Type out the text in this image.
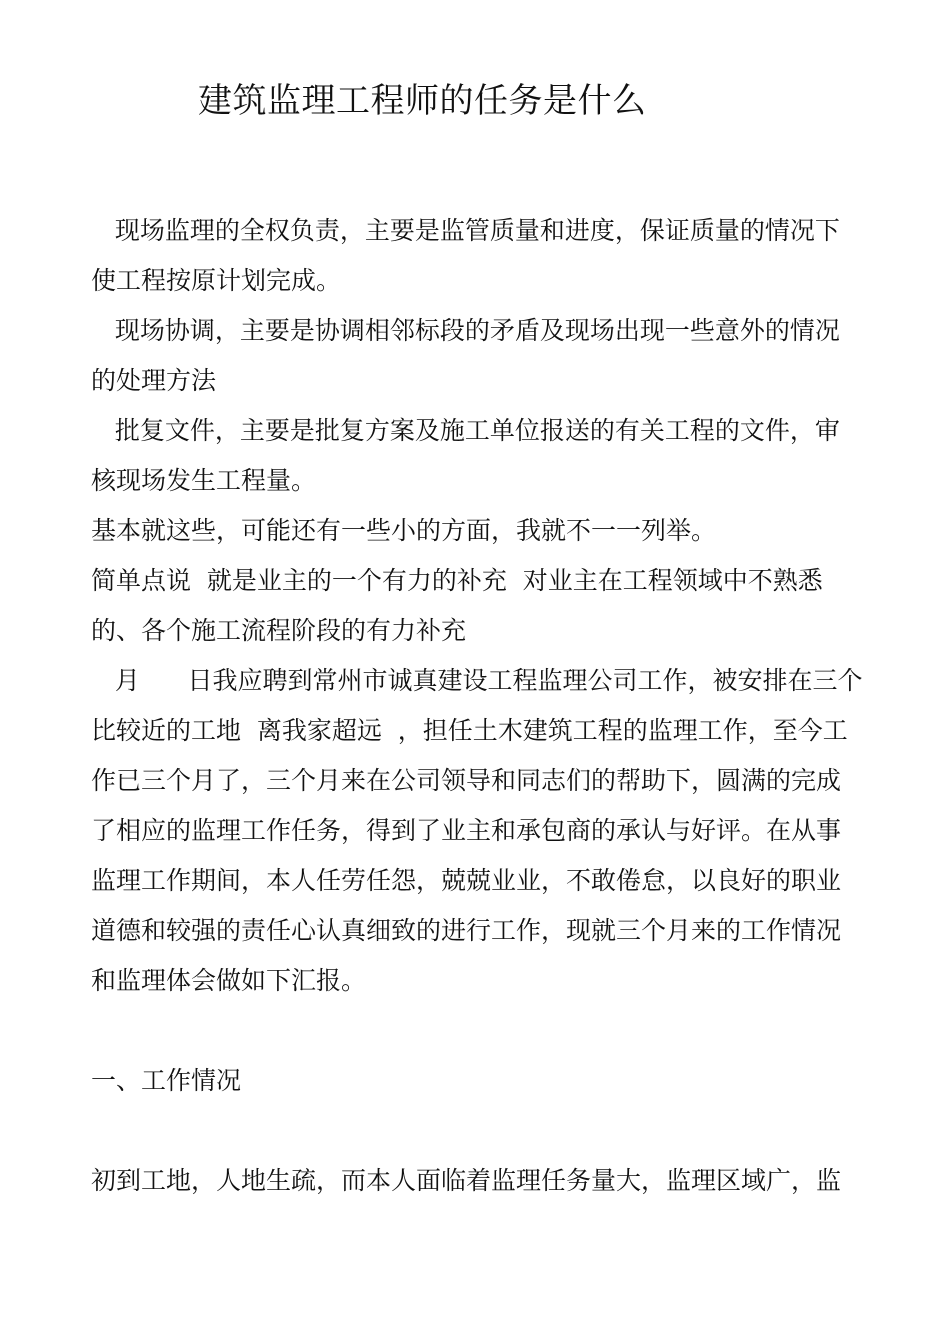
建筑监理工程师的任务是什么
现场监理的全权负责，主要是监管质量和进度，保证质量的情况下
使工程按原计划完成。
现场协调，主要是协调相邻标段的矛盾及现场出现一些意外的情况
的处理方法
批复文件，主要是批复方案及施工单位报送的有关工程的文件，审
核现场发生工程量。
基本就这些，可能还有一些小的方面，我就不一一列举。
简单点说  就是业主的一个有力的补充  对业主在工程领域中不熟悉
的、各个施工流程阶段的有力补充
月      日我应聘到常州市诚真建设工程监理公司工作，被安排在三个
比较近的工地  离我家超远  ，担任土木建筑工程的监理工作，至今工
作已三个月了，三个月来在公司领导和同志们的帮助下，圆满的完成
了相应的监理工作任务，得到了业主和承包商的承认与好评。在从事
监理工作期间，本人任劳任怨，兢兢业业，不敢倦怠，以良好的职业
道德和较强的责任心认真细致的进行工作，现就三个月来的工作情况
和监理体会做如下汇报。
一、工作情况
初到工地，人地生疏，而本人面临着监理任务量大，监理区域广，监
